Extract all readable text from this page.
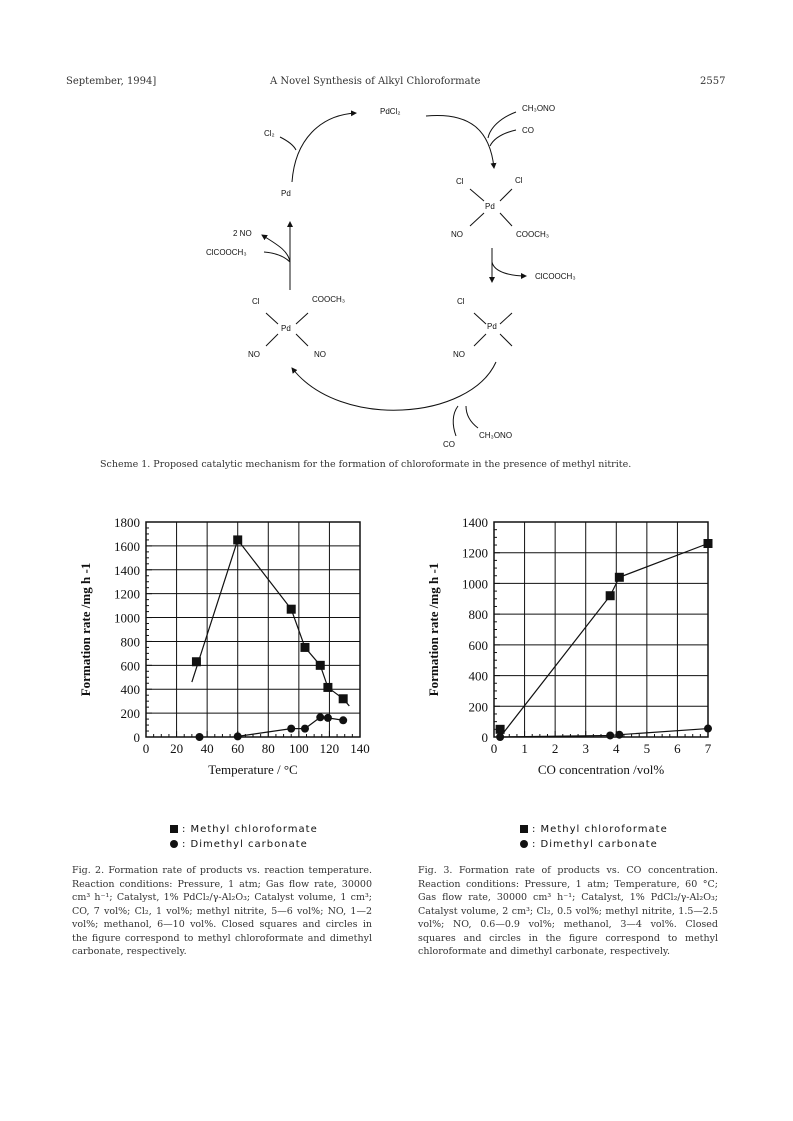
September, 1994]	A Novel Synthesis of Alkyl Chloroformate	2557
PdCl₂	CH₃ONO
CO
Cl₂
Pd
2 NO
ClCOOCH₃
Cl	Cl
Pd
NO	COOCH₃
ClCOOCH₃
Cl	COOCH₃
Pd
NO	NO
Cl
Pd
NO
CO
CH₃ONO
Scheme 1. Proposed catalytic mechanism for the formation of chloroformate in the presence of methyl nitrite.
0 20 40 60 80 100 120 140
0
200
400
600
800
1000
1200
1400
1600
1800
Temperature / °C
Formation rate /mg h -1
0 1 2 3 4 5 6 7
0
200
400
600
800
1000
1200
1400
CO concentration /vol%
Formation rate /mg h -1
: Methyl chloroformate
: Dimethyl carbonate
: Methyl chloroformate
: Dimethyl carbonate
Fig. 2. Formation rate of products vs. reaction temperature. Reaction conditions: Pressure, 1 atm; Gas flow rate, 30000 cm³ h⁻¹; Catalyst, 1% PdCl₂/γ-Al₂O₃; Catalyst volume, 1 cm³; CO, 7 vol%; Cl₂, 1 vol%; methyl nitrite, 5—6 vol%; NO, 1—2 vol%; methanol, 6—10 vol%. Closed squares and circles in the figure correspond to methyl chloroformate and dimethyl carbonate, respectively.
Fig. 3. Formation rate of products vs. CO concentration. Reaction conditions: Pressure, 1 atm; Temperature, 60 °C; Gas flow rate, 30000 cm³ h⁻¹; Catalyst, 1% PdCl₂/γ-Al₂O₃; Catalyst volume, 2 cm³; Cl₂, 0.5 vol%; methyl nitrite, 1.5—2.5 vol%; NO, 0.6—0.9 vol%; methanol, 3—4 vol%. Closed squares and circles in the figure correspond to methyl chloroformate and dimethyl carbonate, respectively.
